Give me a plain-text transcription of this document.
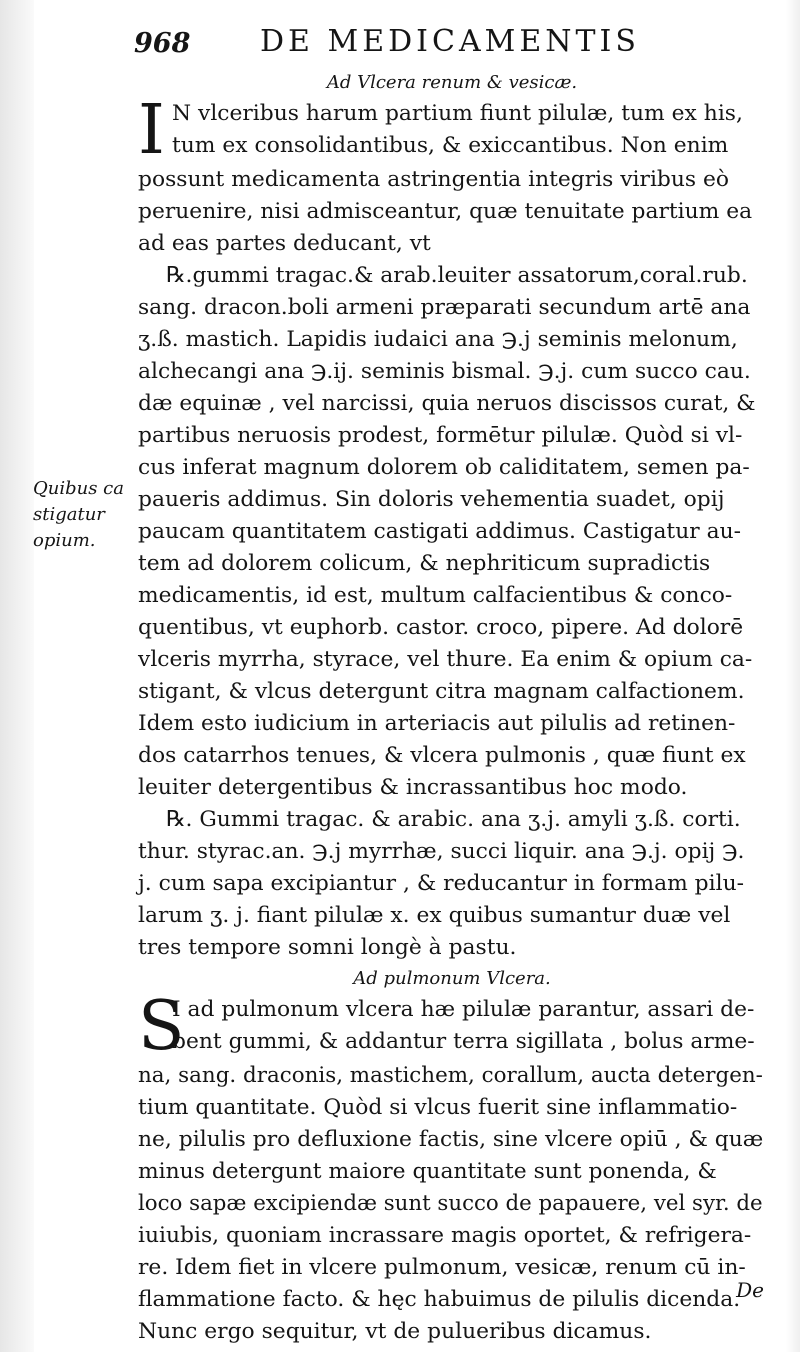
968 DE MEDICAMENTIS
Ad Vlcera renum & vesicæ.
I N vlceribus harum partium fiunt pilulæ, tum ex his,
tum ex consolidantibus, & exiccantibus. Non enim
possunt medicamenta astringentia integris viribus eò
peruenire, nisi admisceantur, quæ tenuitate partium ea
ad eas partes deducant, vt
℞.gummi tragac.& arab.leuiter assatorum,coral.rub.
sang. dracon.boli armeni præparati secundum artē ana
ʒ.ß. mastich. Lapidis iudaici ana ℈.j seminis melonum,
alchecangi ana ℈.ij. seminis bismal. ℈.j. cum succo cau.
dæ equinæ , vel narcissi, quia neruos discissos curat, &
partibus neruosis prodest, formētur pilulæ. Quòd si vl-
cus inferat magnum dolorem ob caliditatem, semen pa-
paueris addimus. Sin doloris vehementia suadet, opij
paucam quantitatem castigati addimus. Castigatur au-
tem ad dolorem colicum, & nephriticum supradictis
medicamentis, id est, multum calfacientibus & conco-
quentibus, vt euphorb. castor. croco, pipere. Ad dolorē
vlceris myrrha, styrace, vel thure. Ea enim & opium ca-
stigant, & vlcus detergunt citra magnam calfactionem.
Idem esto iudicium in arteriacis aut pilulis ad retinen-
dos catarrhos tenues, & vlcera pulmonis , quæ fiunt ex
leuiter detergentibus & incrassantibus hoc modo.
℞. Gummi tragac. & arabic. ana ʒ.j. amyli ʒ.ß. corti.
thur. styrac.an. ℈.j myrrhæ, succi liquir. ana ℈.j. opij ℈.
j. cum sapa excipiantur , & reducantur in formam pilu-
larum ʒ. j. fiant pilulæ x. ex quibus sumantur duæ vel
tres tempore somni longè à pastu.
Ad pulmonum Vlcera.
S
I ad pulmonum vlcera hæ pilulæ parantur, assari de-
bent gummi, & addantur terra sigillata , bolus arme-
na, sang. draconis, mastichem, corallum, aucta detergen-
tium quantitate. Quòd si vlcus fuerit sine inflammatio-
ne, pilulis pro defluxione factis, sine vlcere opiū , & quæ
minus detergunt maiore quantitate sunt ponenda, &
loco sapæ excipiendæ sunt succo de papauere, vel syr. de
iuiubis, quoniam incrassare magis oportet, & refrigera-
re. Idem fiet in vlcere pulmonum, vesicæ, renum cū in-
flammatione facto. & hęc habuimus de pilulis dicenda.
Nunc ergo sequitur, vt de pulueribus dicamus.
Quibus ca
stigatur
opium.
De
